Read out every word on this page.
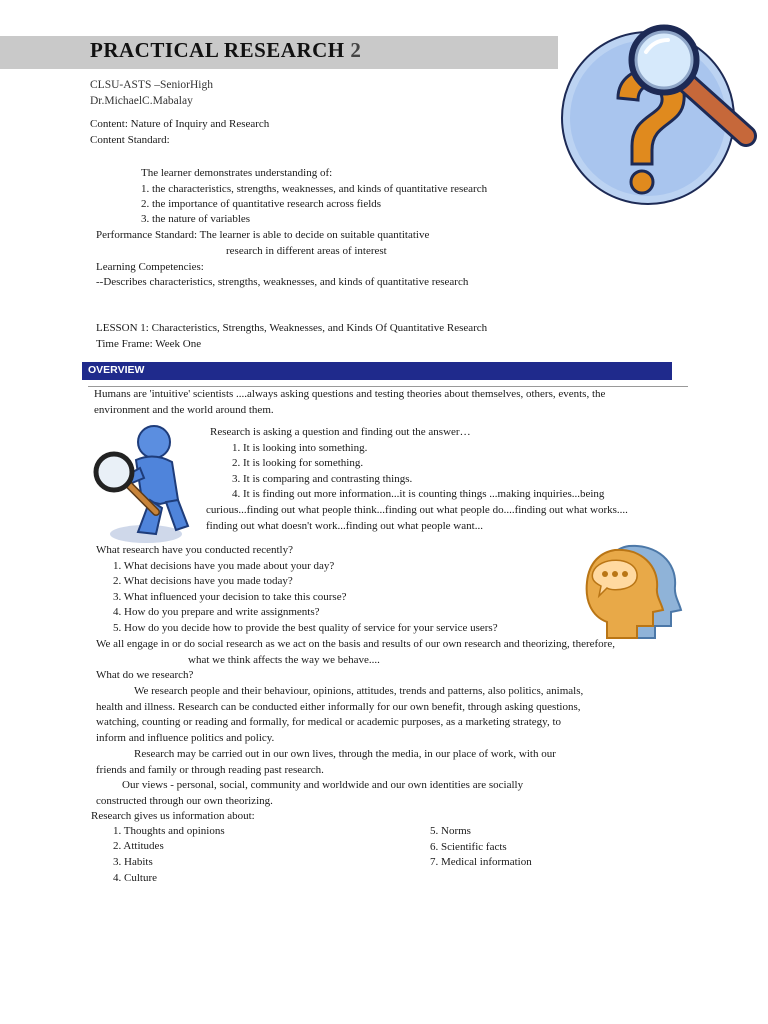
PRACTICAL RESEARCH 2
CLSU-ASTS –SeniorHigh
Dr.MichaelC.Mabalay
Content: Nature of Inquiry and Research
Content Standard:
The learner demonstrates understanding of:
1. the characteristics, strengths, weaknesses, and kinds of quantitative research
2. the importance of quantitative research across fields
3. the nature of variables
Performance Standard: The learner is able to decide on suitable quantitative
research in different areas of interest
Learning Competencies:
--Describes characteristics, strengths, weaknesses, and kinds of quantitative research
LESSON 1: Characteristics, Strengths, Weaknesses, and Kinds Of Quantitative Research
Time Frame: Week One
OVERVIEW
Humans are 'intuitive' scientists ....always asking questions and testing theories about themselves, others, events, the
environment and the world around them.
Research is asking a question and finding out the answer…
1. It is looking into something.
2. It is looking for something.
3. It is comparing and contrasting things.
4. It is finding out more information...it is counting things ...making inquiries...being
curious...finding out what people think...finding out what people do....finding out what works....
finding out what doesn't work...finding out what people want...
What research have you conducted recently?
1. What decisions have you made about your day?
2. What decisions have you made today?
3. What influenced your decision to take this course?
4. How do you prepare and write assignments?
5. How do you decide how to provide the best quality of service for your service users?
We all engage in or do social research as we act on the basis and results of our own research and theorizing, therefore,
what we think affects the way we behave....
What do we research?
We research people and their behaviour, opinions, attitudes, trends and patterns, also politics, animals,
health and illness. Research can be conducted either informally for our own benefit, through asking questions,
watching, counting or reading and formally, for medical or academic purposes, as a marketing strategy, to
inform and influence politics and policy.
Research may be carried out in our own lives, through the media, in our place of work, with our
friends and family or through reading past research.
Our views - personal, social, community and worldwide and our own identities are socially
constructed through our own theorizing.
Research gives us information about:
1. Thoughts and opinions
2. Attitudes
3. Habits
4. Culture
5. Norms
6. Scientific facts
7. Medical information
